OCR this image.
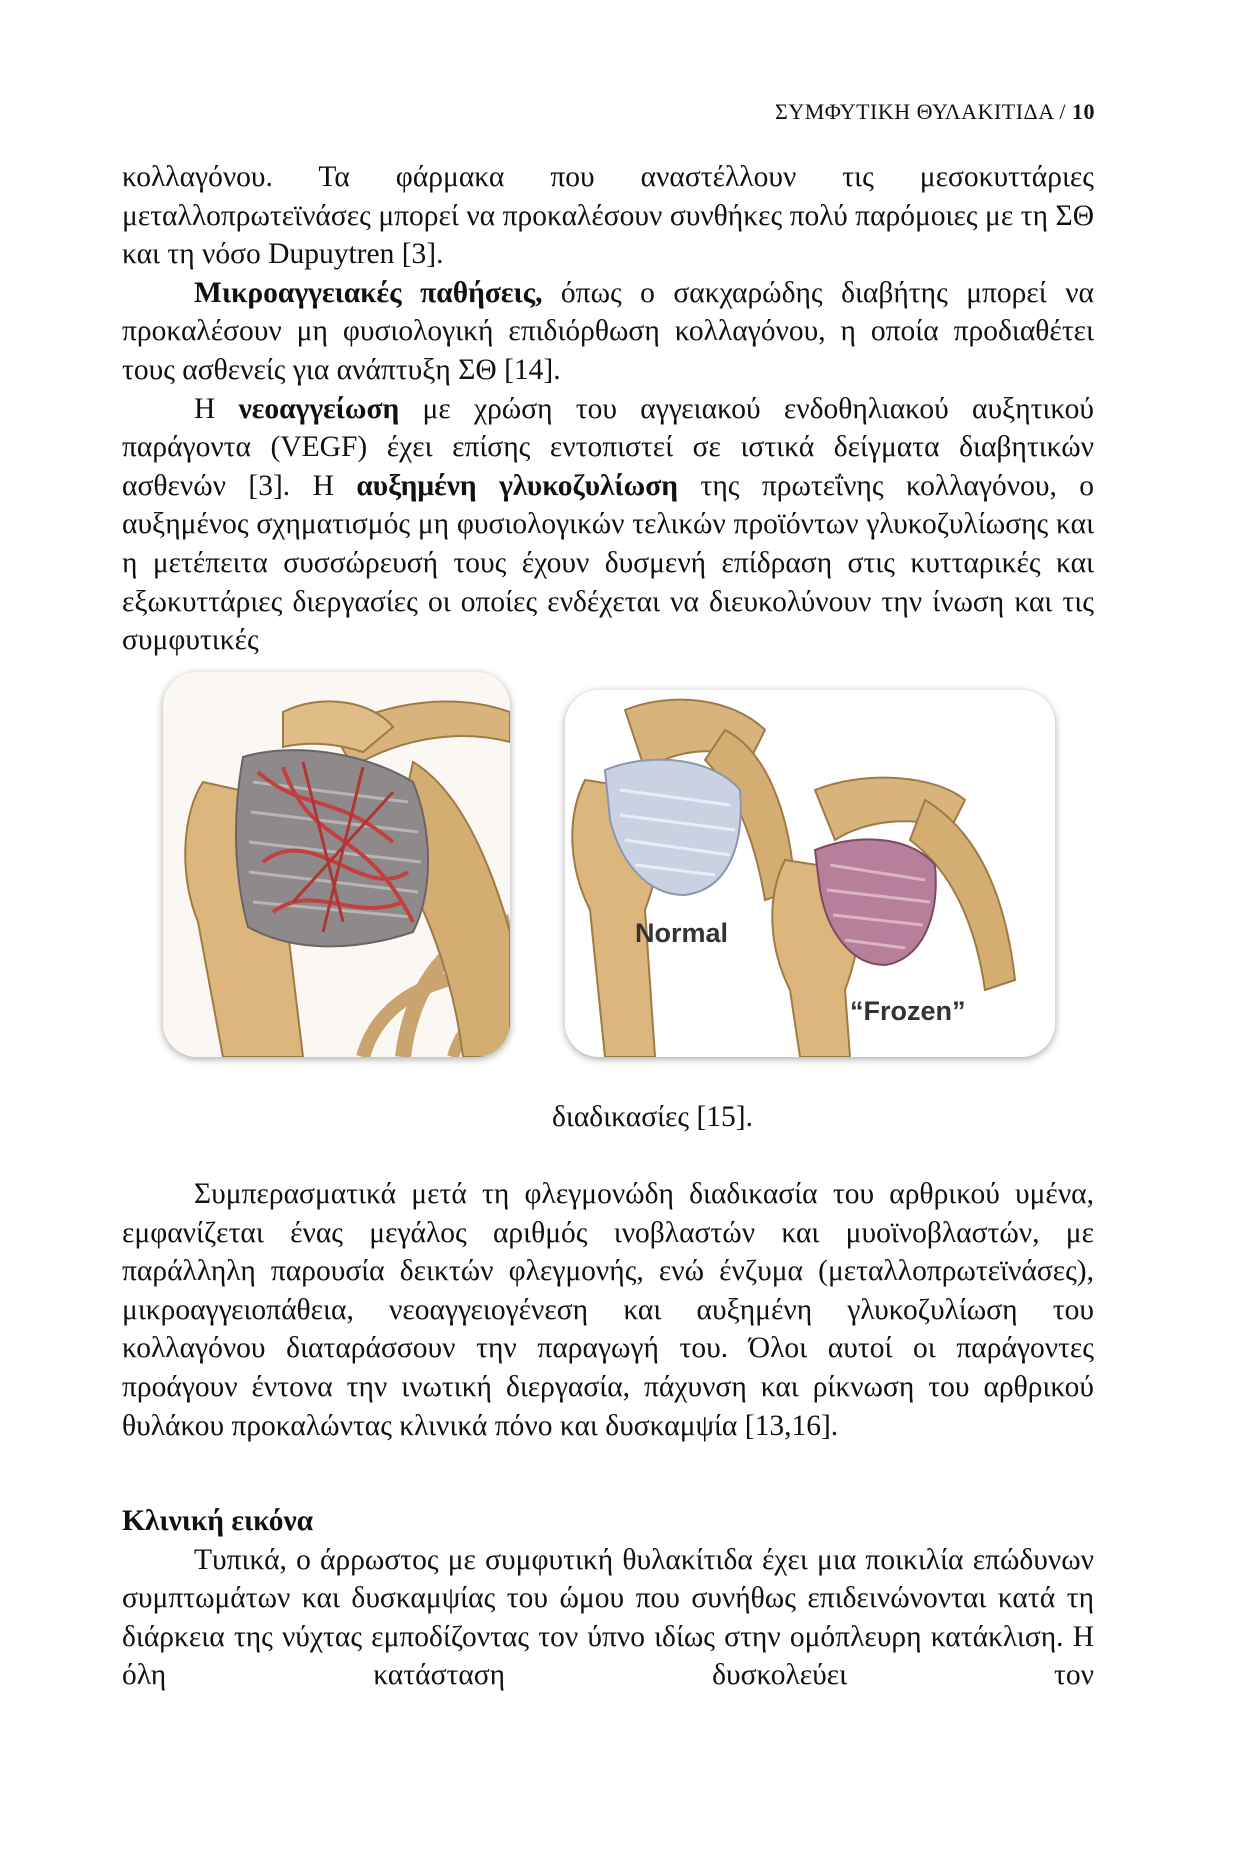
ΣΥΜΦΥΤΙΚΗ ΘΥΛΑΚΙΤΙΔΑ / 10

κολλαγόνου. Τα φάρμακα που αναστέλλουν τις μεσοκυττάριες μεταλλοπρωτεϊνάσες μπορεί να προκαλέσουν συνθήκες πολύ παρόμοιες με τη ΣΘ και τη νόσο Dupuytren [3].

Μικροαγγειακές παθήσεις, όπως ο σακχαρώδης διαβήτης μπορεί να προκαλέσουν μη φυσιολογική επιδιόρθωση κολλαγόνου, η οποία προδιαθέτει τους ασθενείς για ανάπτυξη ΣΘ [14].

Η νεοαγγείωση με χρώση του αγγειακού ενδοθηλιακού αυξητικού παράγοντα (VEGF) έχει επίσης εντοπιστεί σε ιστικά δείγματα διαβητικών ασθενών [3]. Η αυξημένη γλυκοζυλίωση της πρωτεΐνης κολλαγόνου, ο αυξημένος σχηματισμός μη φυσιολογικών τελικών προϊόντων γλυκοζυλίωσης και η μετέπειτα συσσώρευσή τους έχουν δυσμενή επίδραση στις κυτταρικές και εξωκυττάριες διεργασίες οι οποίες ενδέχεται να διευκολύνουν την ίνωση και τις συμφυτικές

Normal
“Frozen”
διαδικασίες [15].

Συμπερασματικά μετά τη φλεγμονώδη διαδικασία του αρθρικού υμένα, εμφανίζεται ένας μεγάλος αριθμός ινοβλαστών και μυοϊνοβλαστών, με παράλληλη παρουσία δεικτών φλεγμονής, ενώ ένζυμα (μεταλλοπρωτεϊνάσες), μικροαγγειοπάθεια, νεοαγγειογένεση και αυξημένη γλυκοζυλίωση του κολλαγόνου διαταράσσουν την παραγωγή του. Όλοι αυτοί οι παράγοντες προάγουν έντονα την ινωτική διεργασία, πάχυνση και ρίκνωση του αρθρικού θυλάκου προκαλώντας κλινικά πόνο και δυσκαμψία [13,16].

Κλινική εικόνα

Τυπικά, ο άρρωστος με συμφυτική θυλακίτιδα έχει μια ποικιλία επώδυνων συμπτωμάτων και δυσκαμψίας του ώμου που συνήθως επιδεινώνονται κατά τη διάρκεια της νύχτας εμποδίζοντας τον ύπνο ιδίως στην ομόπλευρη κατάκλιση. Η όλη κατάσταση δυσκολεύει τον
